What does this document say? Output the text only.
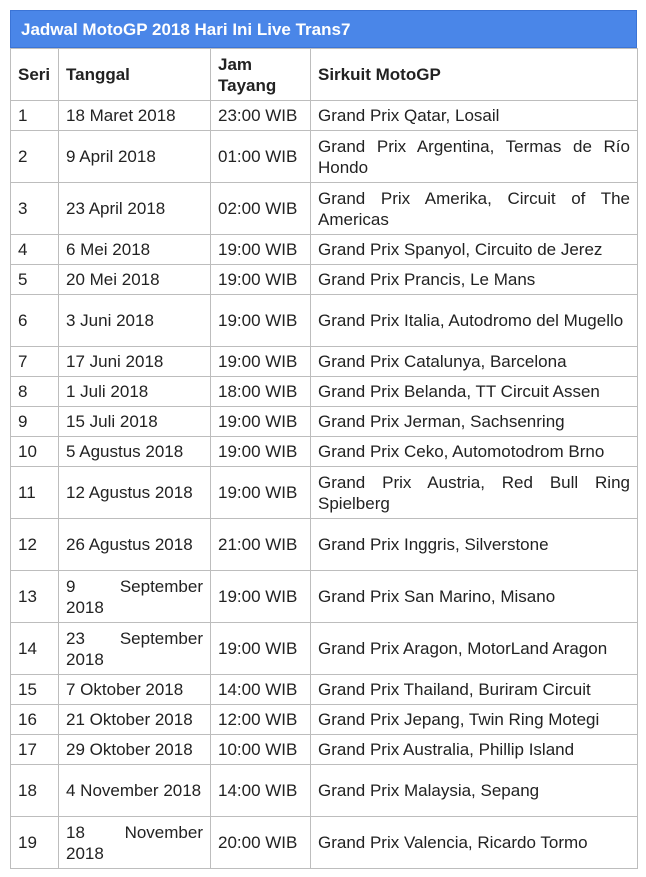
Jadwal MotoGP 2018 Hari Ini Live Trans7
Seri	Tanggal	Jam Tayang	Sirkuit MotoGP
1	18 Maret 2018	23:00 WIB	Grand Prix Qatar, Losail
2	9 April 2018	01:00 WIB	Grand Prix Argentina, Termas de Río Hondo
3	23 April 2018	02:00 WIB	Grand Prix Amerika, Circuit of The Americas
4	6 Mei 2018	19:00 WIB	Grand Prix Spanyol, Circuito de Jerez
5	20 Mei 2018	19:00 WIB	Grand Prix Prancis, Le Mans
6	3 Juni 2018	19:00 WIB	Grand Prix Italia, Autodromo del Mugello
7	17 Juni 2018	19:00 WIB	Grand Prix Catalunya, Barcelona
8	1 Juli 2018	18:00 WIB	Grand Prix Belanda, TT Circuit Assen
9	15 Juli 2018	19:00 WIB	Grand Prix Jerman, Sachsenring
10	5 Agustus 2018	19:00 WIB	Grand Prix Ceko, Automotodrom Brno
11	12 Agustus 2018	19:00 WIB	Grand Prix Austria, Red Bull Ring Spielberg
12	26 Agustus 2018	21:00 WIB	Grand Prix Inggris, Silverstone
13	9 September 2018	19:00 WIB	Grand Prix San Marino, Misano
14	23 September 2018	19:00 WIB	Grand Prix Aragon, MotorLand Aragon
15	7 Oktober 2018	14:00 WIB	Grand Prix Thailand, Buriram Circuit
16	21 Oktober 2018	12:00 WIB	Grand Prix Jepang, Twin Ring Motegi
17	29 Oktober 2018	10:00 WIB	Grand Prix Australia, Phillip Island
18	4 November 2018	14:00 WIB	Grand Prix Malaysia, Sepang
19	18 November 2018	20:00 WIB	Grand Prix Valencia, Ricardo Tormo
